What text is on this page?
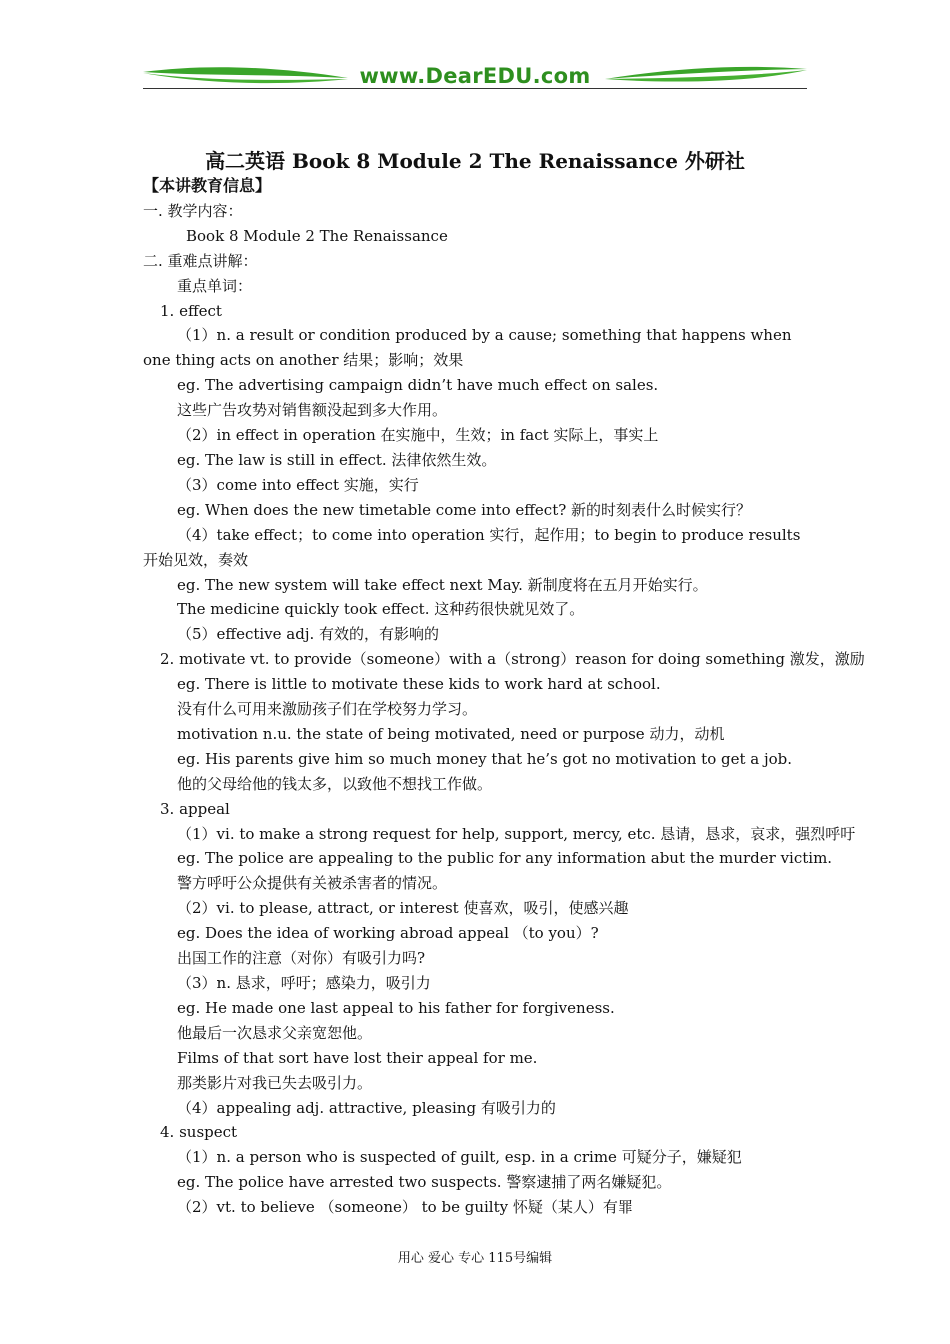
www.DearEDU.com
高二英语 Book 8 Module 2 The Renaissance 外研社

【本讲教育信息】

一. 教学内容：

Book 8 Module 2 The Renaissance

二. 重难点讲解：

重点单词：

1. effect

（1）n. a result or condition produced by a cause; something that happens when one thing acts on another 结果；影响；效果

eg. The advertising campaign didn’t have much effect on sales.

这些广告攻势对销售额没起到多大作用。

（2）in effect in operation 在实施中，生效；in fact 实际上，事实上

eg. The law is still in effect. 法律依然生效。

（3）come into effect 实施，实行

eg. When does the new timetable come into effect? 新的时刻表什么时候实行？

（4）take effect；to come into operation 实行，起作用；to begin to produce results 开始见效，奏效

eg. The new system will take effect next May. 新制度将在五月开始实行。

The medicine quickly took effect. 这种药很快就见效了。

（5）effective adj. 有效的，有影响的

2. motivate vt. to provide（someone）with a（strong）reason for doing something 激发，激励

eg. There is little to motivate these kids to work hard at school.

没有什么可用来激励孩子们在学校努力学习。

motivation n.u. the state of being motivated, need or purpose 动力，动机

eg. His parents give him so much money that he’s got no motivation to get a job.

他的父母给他的钱太多，以致他不想找工作做。

3. appeal

（1）vi. to make a strong request for help, support, mercy, etc. 恳请，恳求，哀求，强烈呼吁

eg. The police are appealing to the public for any information abut the murder victim.

警方呼吁公众提供有关被杀害者的情况。

（2）vi. to please, attract, or interest 使喜欢，吸引，使感兴趣

eg. Does the idea of working abroad appeal （to you）?

出国工作的注意（对你）有吸引力吗?

（3）n. 恳求，呼吁；感染力，吸引力

eg. He made one last appeal to his father for forgiveness.

他最后一次恳求父亲宽恕他。

Films of that sort have lost their appeal for me.

那类影片对我已失去吸引力。

（4）appealing adj. attractive, pleasing 有吸引力的

4. suspect

（1）n. a person who is suspected of guilt, esp. in a crime 可疑分子，嫌疑犯

eg. The police have arrested two suspects. 警察逮捕了两名嫌疑犯。

（2）vt. to believe （someone） to be guilty 怀疑（某人）有罪

用心 爱心 专心 115号编辑
